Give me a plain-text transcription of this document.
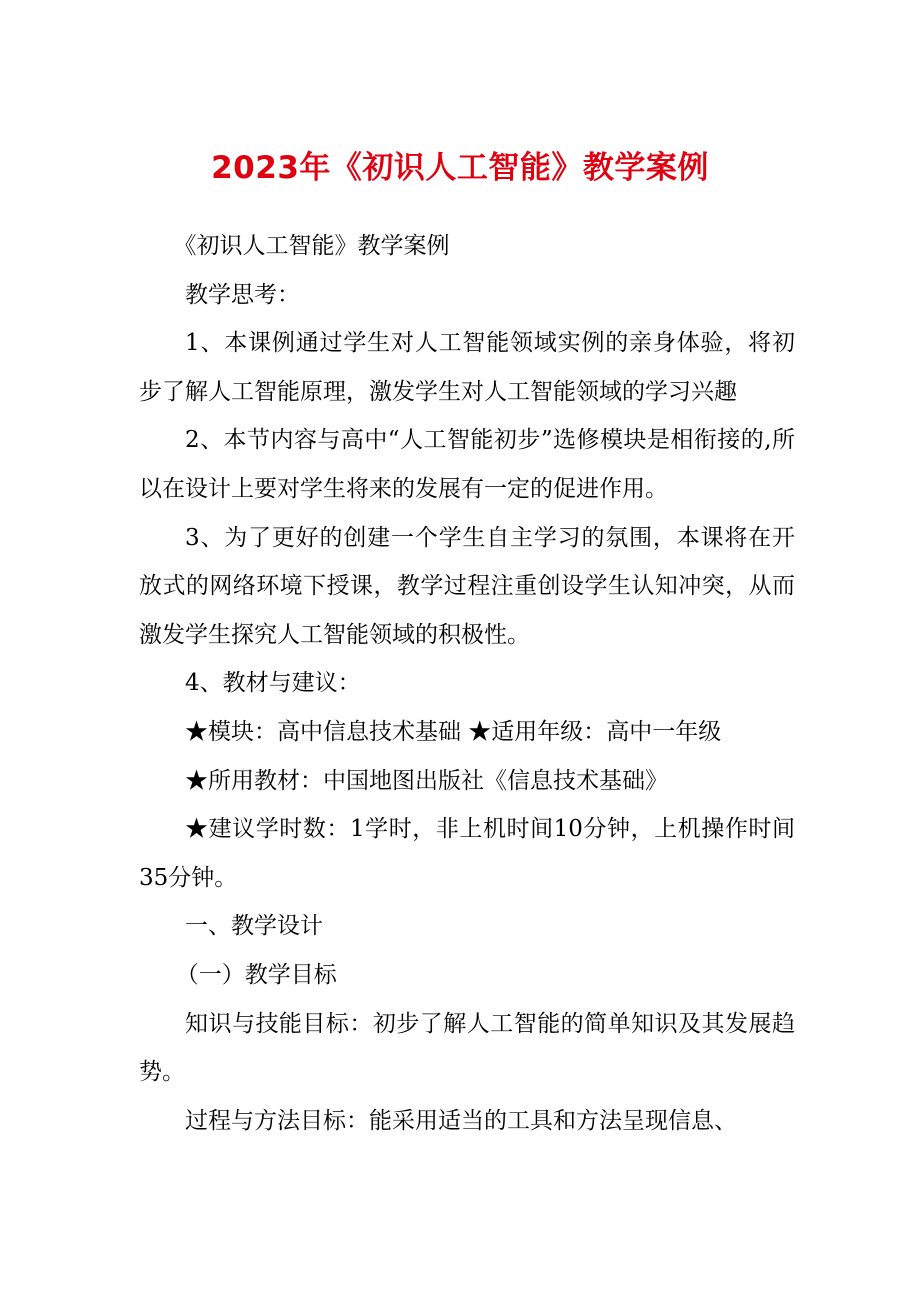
2023年《初识人工智能》教学案例

《初识人工智能》教学案例

教学思考：

1、本课例通过学生对人工智能领域实例的亲身体验，将初步了解人工智能原理，激发学生对人工智能领域的学习兴趣

2、本节内容与高中“人工智能初步”选修模块是相衔接的,所以在设计上要对学生将来的发展有一定的促进作用。

3、为了更好的创建一个学生自主学习的氛围，本课将在开放式的网络环境下授课，教学过程注重创设学生认知冲突，从而激发学生探究人工智能领域的积极性。

4、教材与建议：

★模块：高中信息技术基础 ★适用年级：高中一年级

★所用教材：中国地图出版社《信息技术基础》

★建议学时数：1学时，非上机时间10分钟，上机操作时间35分钟。

一、教学设计

（一）教学目标

知识与技能目标：初步了解人工智能的简单知识及其发展趋势。

过程与方法目标：能采用适当的工具和方法呈现信息、
